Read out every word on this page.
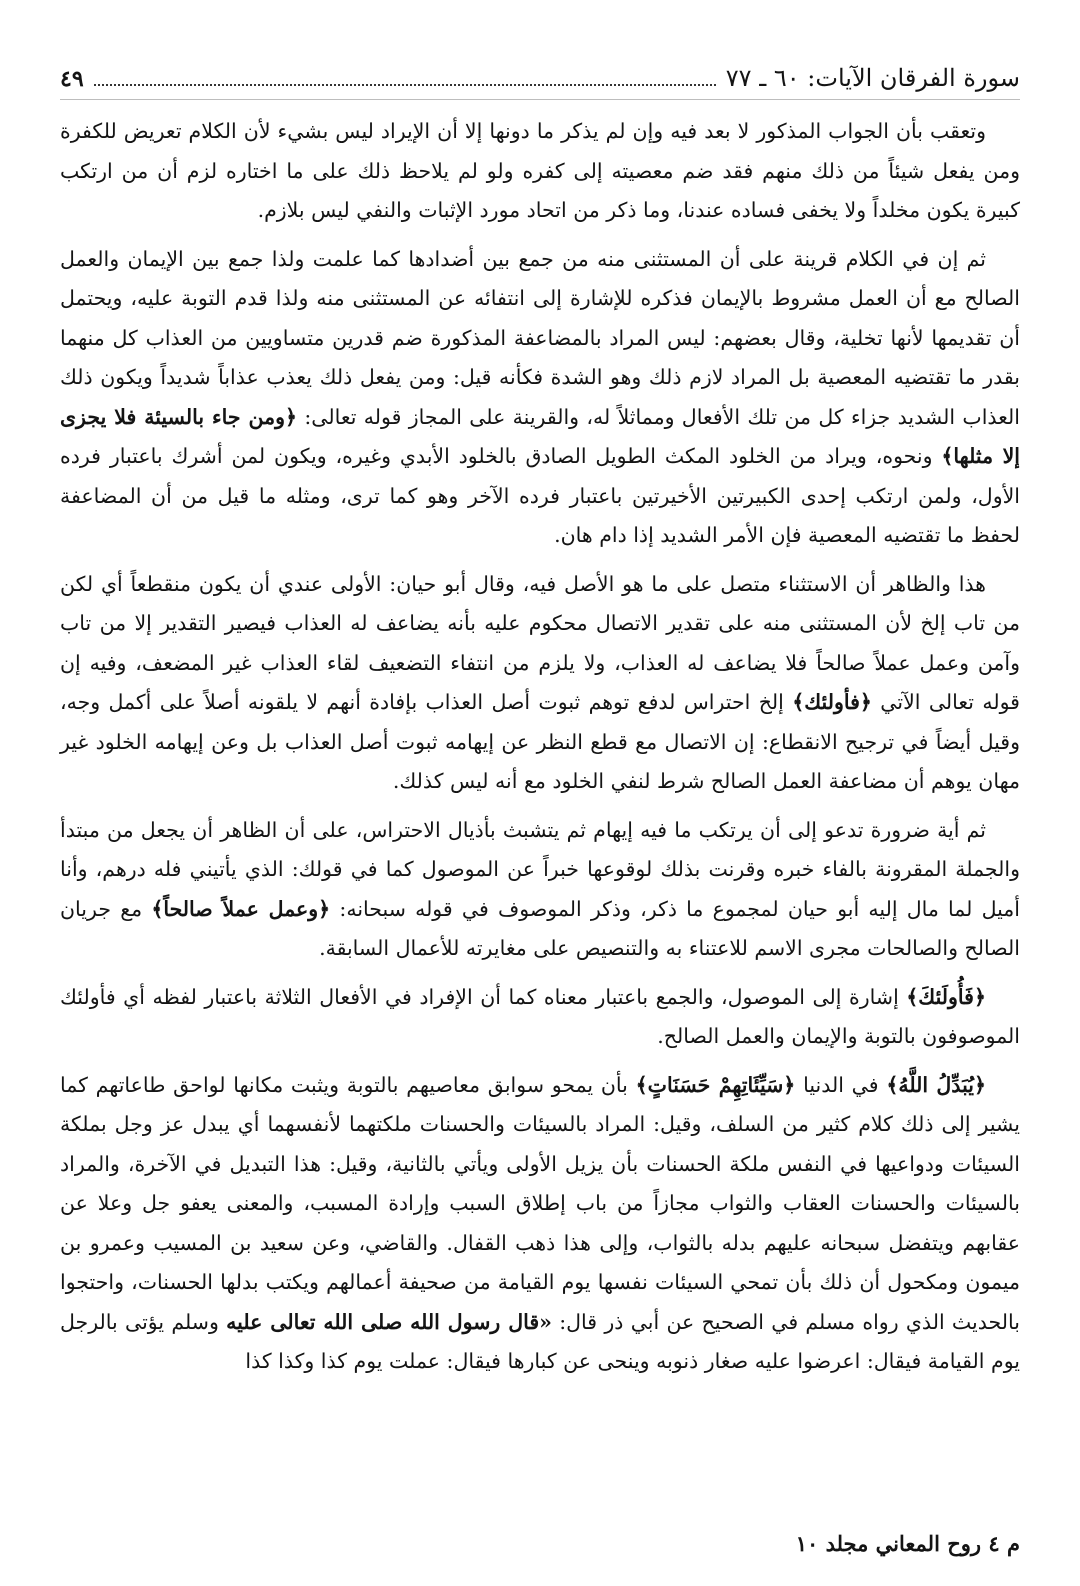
سورة الفرقان الآيات: ٦٠ ـ ٧٧
٤٩

وتعقب بأن الجواب المذكور لا بعد فيه وإن لم يذكر ما دونها إلا أن الإيراد ليس بشيء لأن الكلام تعريض للكفرة ومن يفعل شيئاً من ذلك منهم فقد ضم معصيته إلى كفره ولو لم يلاحظ ذلك على ما اختاره لزم أن من ارتكب كبيرة يكون مخلداً ولا يخفى فساده عندنا، وما ذكر من اتحاد مورد الإثبات والنفي ليس بلازم.

ثم إن في الكلام قرينة على أن المستثنى منه من جمع بين أضدادها كما علمت ولذا جمع بين الإيمان والعمل الصالح مع أن العمل مشروط بالإيمان فذكره للإشارة إلى انتفائه عن المستثنى منه ولذا قدم التوبة عليه، ويحتمل أن تقديمها لأنها تخلية، وقال بعضهم: ليس المراد بالمضاعفة المذكورة ضم قدرين متساويين من العذاب كل منهما بقدر ما تقتضيه المعصية بل المراد لازم ذلك وهو الشدة فكأنه قيل: ومن يفعل ذلك يعذب عذاباً شديداً ويكون ذلك العذاب الشديد جزاء كل من تلك الأفعال ومماثلاً له، والقرينة على المجاز قوله تعالى: ﴿ومن جاء بالسيئة فلا يجزى إلا مثلها﴾ ونحوه، ويراد من الخلود المكث الطويل الصادق بالخلود الأبدي وغيره، ويكون لمن أشرك باعتبار فرده الأول، ولمن ارتكب إحدى الكبيرتين الأخيرتين باعتبار فرده الآخر وهو كما ترى، ومثله ما قيل من أن المضاعفة لحفظ ما تقتضيه المعصية فإن الأمر الشديد إذا دام هان.

هذا والظاهر أن الاستثناء متصل على ما هو الأصل فيه، وقال أبو حيان: الأولى عندي أن يكون منقطعاً أي لكن من تاب إلخ لأن المستثنى منه على تقدير الاتصال محكوم عليه بأنه يضاعف له العذاب فيصير التقدير إلا من تاب وآمن وعمل عملاً صالحاً فلا يضاعف له العذاب، ولا يلزم من انتفاء التضعيف لقاء العذاب غير المضعف، وفيه إن قوله تعالى الآتي ﴿فأولئك﴾ إلخ احتراس لدفع توهم ثبوت أصل العذاب بإفادة أنهم لا يلقونه أصلاً على أكمل وجه، وقيل أيضاً في ترجيح الانقطاع: إن الاتصال مع قطع النظر عن إيهامه ثبوت أصل العذاب بل وعن إيهامه الخلود غير مهان يوهم أن مضاعفة العمل الصالح شرط لنفي الخلود مع أنه ليس كذلك.

ثم أية ضرورة تدعو إلى أن يرتكب ما فيه إيهام ثم يتشبث بأذيال الاحتراس، على أن الظاهر أن يجعل من مبتدأ والجملة المقرونة بالفاء خبره وقرنت بذلك لوقوعها خبراً عن الموصول كما في قولك: الذي يأتيني فله درهم، وأنا أميل لما مال إليه أبو حيان لمجموع ما ذكر، وذكر الموصوف في قوله سبحانه: ﴿وعمل عملاً صالحاً﴾ مع جريان الصالح والصالحات مجرى الاسم للاعتناء به والتنصيص على مغايرته للأعمال السابقة.

﴿فَأُولَئكَ﴾ إشارة إلى الموصول، والجمع باعتبار معناه كما أن الإفراد في الأفعال الثلاثة باعتبار لفظه أي فأولئك الموصوفون بالتوبة والإيمان والعمل الصالح.

﴿يُبَدِّلُ اللَّهُ﴾ في الدنيا ﴿سَيِّئَاتِهِمْ حَسَنَاتٍ﴾ بأن يمحو سوابق معاصيهم بالتوبة ويثبت مكانها لواحق طاعاتهم كما يشير إلى ذلك كلام كثير من السلف، وقيل: المراد بالسيئات والحسنات ملكتهما لأنفسهما أي يبدل عز وجل بملكة السيئات ودواعيها في النفس ملكة الحسنات بأن يزيل الأولى ويأتي بالثانية، وقيل: هذا التبديل في الآخرة، والمراد بالسيئات والحسنات العقاب والثواب مجازاً من باب إطلاق السبب وإرادة المسبب، والمعنى يعفو جل وعلا عن عقابهم ويتفضل سبحانه عليهم بدله بالثواب، وإلى هذا ذهب القفال. والقاضي، وعن سعيد بن المسيب وعمرو بن ميمون ومكحول أن ذلك بأن تمحي السيئات نفسها يوم القيامة من صحيفة أعمالهم ويكتب بدلها الحسنات، واحتجوا بالحديث الذي رواه مسلم في الصحيح عن أبي ذر قال: «قال رسول الله صلى الله تعالى عليه وسلم يؤتى بالرجل يوم القيامة فيقال: اعرضوا عليه صغار ذنوبه وينحى عن كبارها فيقال: عملت يوم كذا وكذا كذا

م ٤ روح المعاني مجلد ١٠
